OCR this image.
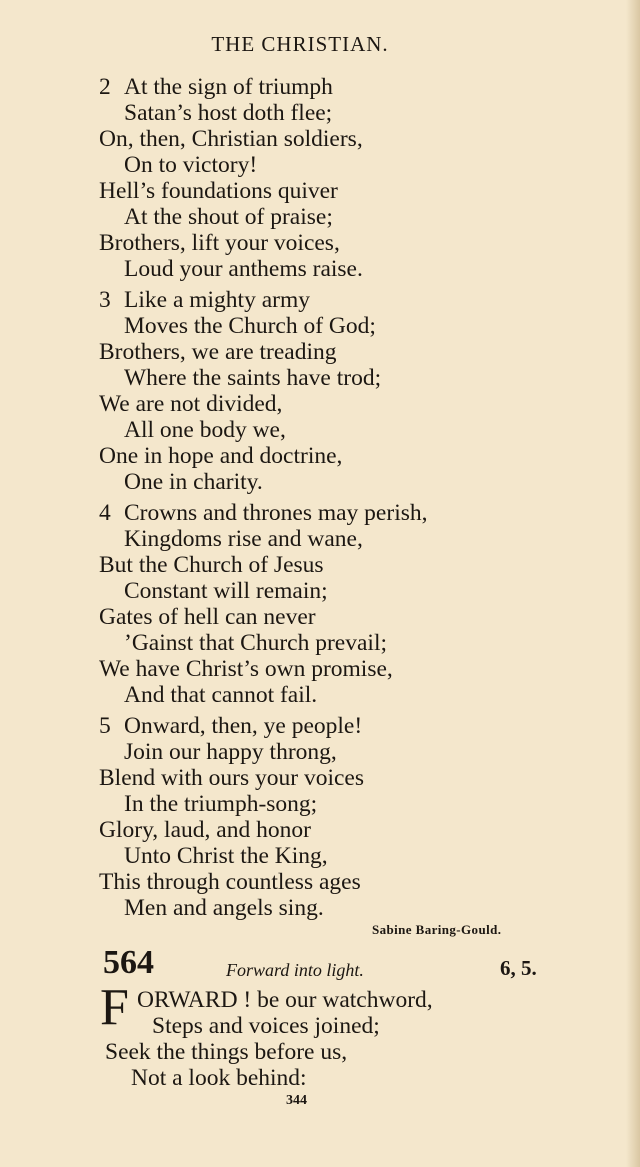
THE CHRISTIAN.
2 At the sign of triumph
Satan’s host doth flee;
On, then, Christian soldiers,
On to victory!
Hell’s foundations quiver
At the shout of praise;
Brothers, lift your voices,
Loud your anthems raise.
3 Like a mighty army
Moves the Church of God;
Brothers, we are treading
Where the saints have trod;
We are not divided,
All one body we,
One in hope and doctrine,
One in charity.
4 Crowns and thrones may perish,
Kingdoms rise and wane,
But the Church of Jesus
Constant will remain;
Gates of hell can never
’Gainst that Church prevail;
We have Christ’s own promise,
And that cannot fail.
5 Onward, then, ye people!
Join our happy throng,
Blend with ours your voices
In the triumph-song;
Glory, laud, and honor
Unto Christ the King,
This through countless ages
Men and angels sing.
Sabine Baring-Gould.
564	Forward into light.	6, 5.
F ORWARD ! be our watchword,
Steps and voices joined;
Seek the things before us,
Not a look behind:
344
